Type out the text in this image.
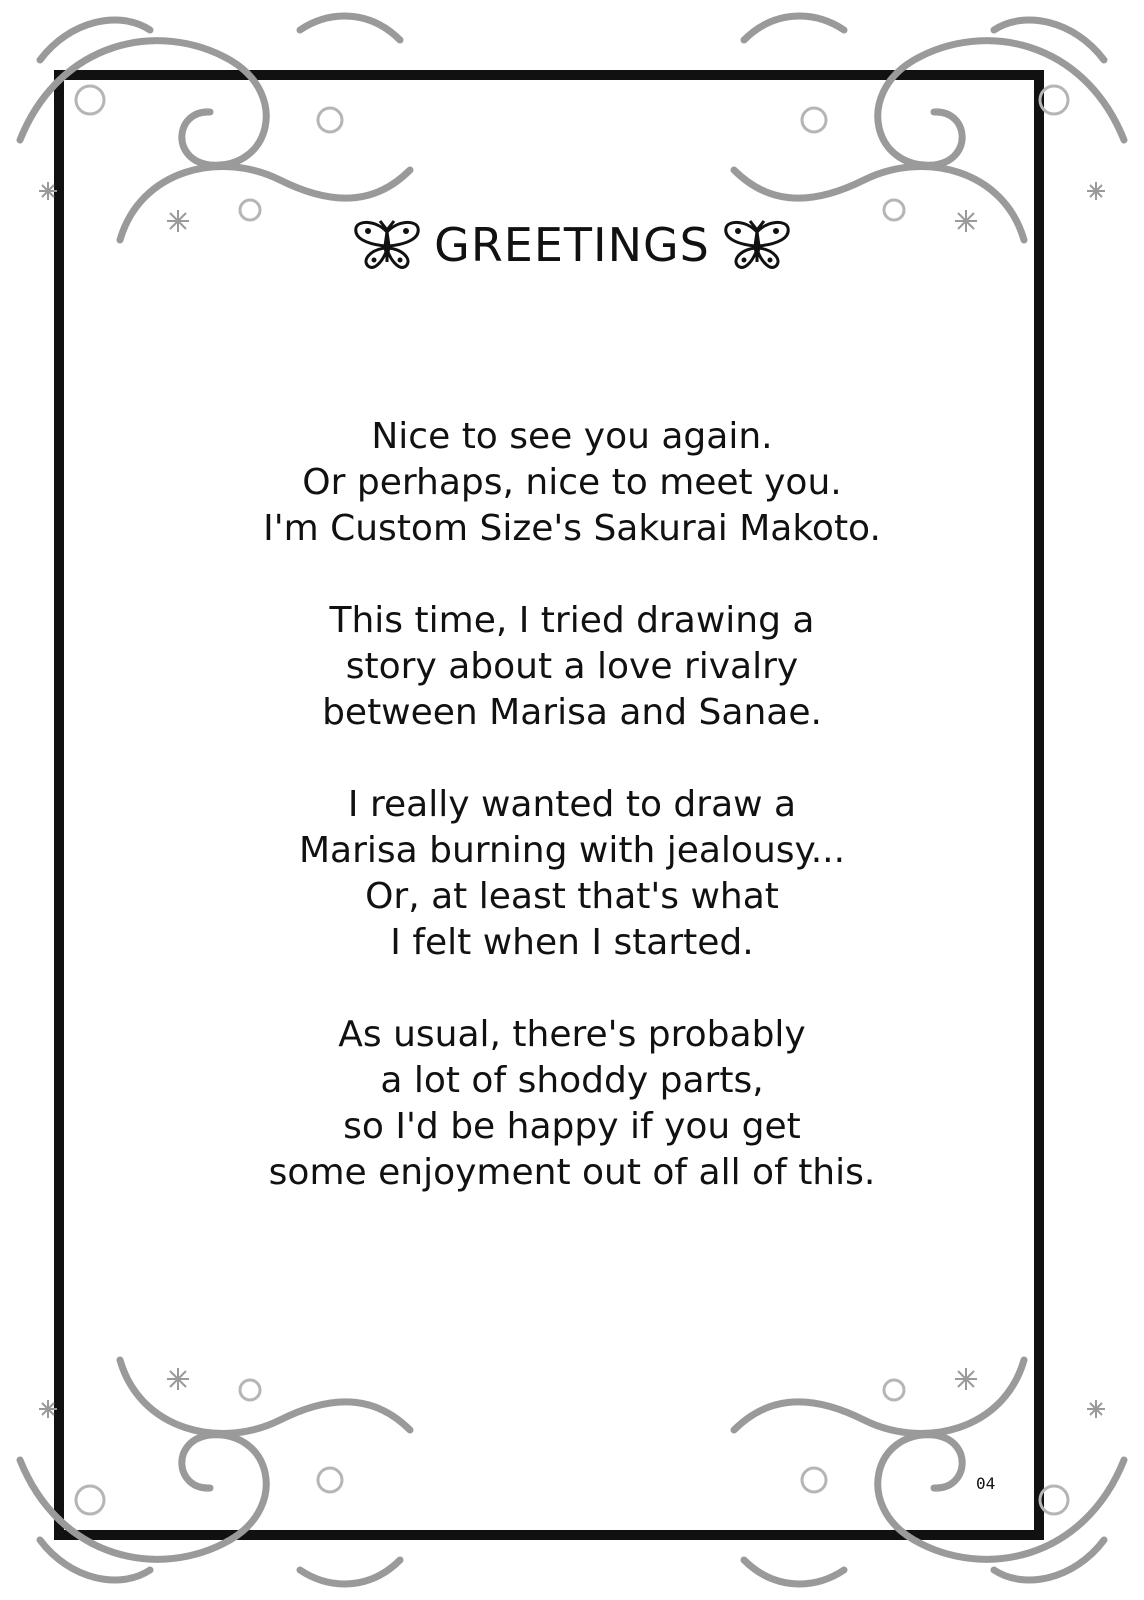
GREETINGS
Nice to see you again.
Or perhaps, nice to meet you.
I'm Custom Size's Sakurai Makoto.
This time, I tried drawing a
story about a love rivalry
between Marisa and Sanae.
I really wanted to draw a
Marisa burning with jealousy...
Or, at least that's what
I felt when I started.
As usual, there's probably
a lot of shoddy parts,
so I'd be happy if you get
some enjoyment out of all of this.
04
